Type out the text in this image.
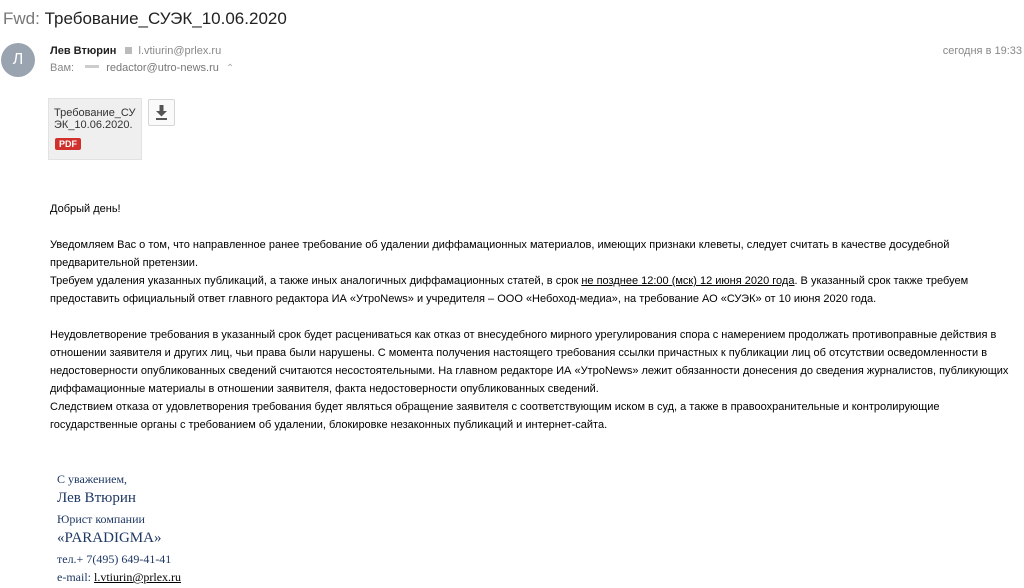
Fwd: Требование_СУЭК_10.06.2020
Л	Лев Втюрин l.vtiurin@prlex.ru
Вам:	redactor@utro-news.ru ⌃
сегодня в 19:33
Требование_СУЭК_10.06.2020.
PDF
Добрый день!
Уведомляем Вас о том, что направленное ранее требование об удалении диффамационных материалов, имеющих признаки клеветы, следует считать в качестве досудебной предварительной претензии.
Требуем удаления указанных публикаций, а также иных аналогичных диффамационных статей, в срок не позднее 12:00 (мск) 12 июня 2020 года. В указанный срок также требуем предоставить официальный ответ главного редактора ИА «УтроNews» и учредителя – ООО «Небоход-медиа», на требование АО «СУЭК» от 10 июня 2020 года.
Неудовлетворение требования в указанный срок будет расцениваться как отказ от внесудебного мирного урегулирования спора с намерением продолжать противоправные действия в отношении заявителя и других лиц, чьи права были нарушены. С момента получения настоящего требования ссылки причастных к публикации лиц об отсутствии осведомленности в недостоверности опубликованных сведений считаются несостоятельными. На главном редакторе ИА «УтроNews» лежит обязанности донесения до сведения журналистов, публикующих диффамационные материалы в отношении заявителя, факта недостоверности опубликованных сведений.
Следствием отказа от удовлетворения требования будет являться обращение заявителя с соответствующим иском в суд, а также в правоохранительные и контролирующие государственные органы с требованием об удалении, блокировке незаконных публикаций и интернет-сайта.
С уважением,
Лев Втюрин
Юрист компании
«PARADIGMA»
тел.+ 7(495) 649-41-41
e-mail: l.vtiurin@prlex.ru
